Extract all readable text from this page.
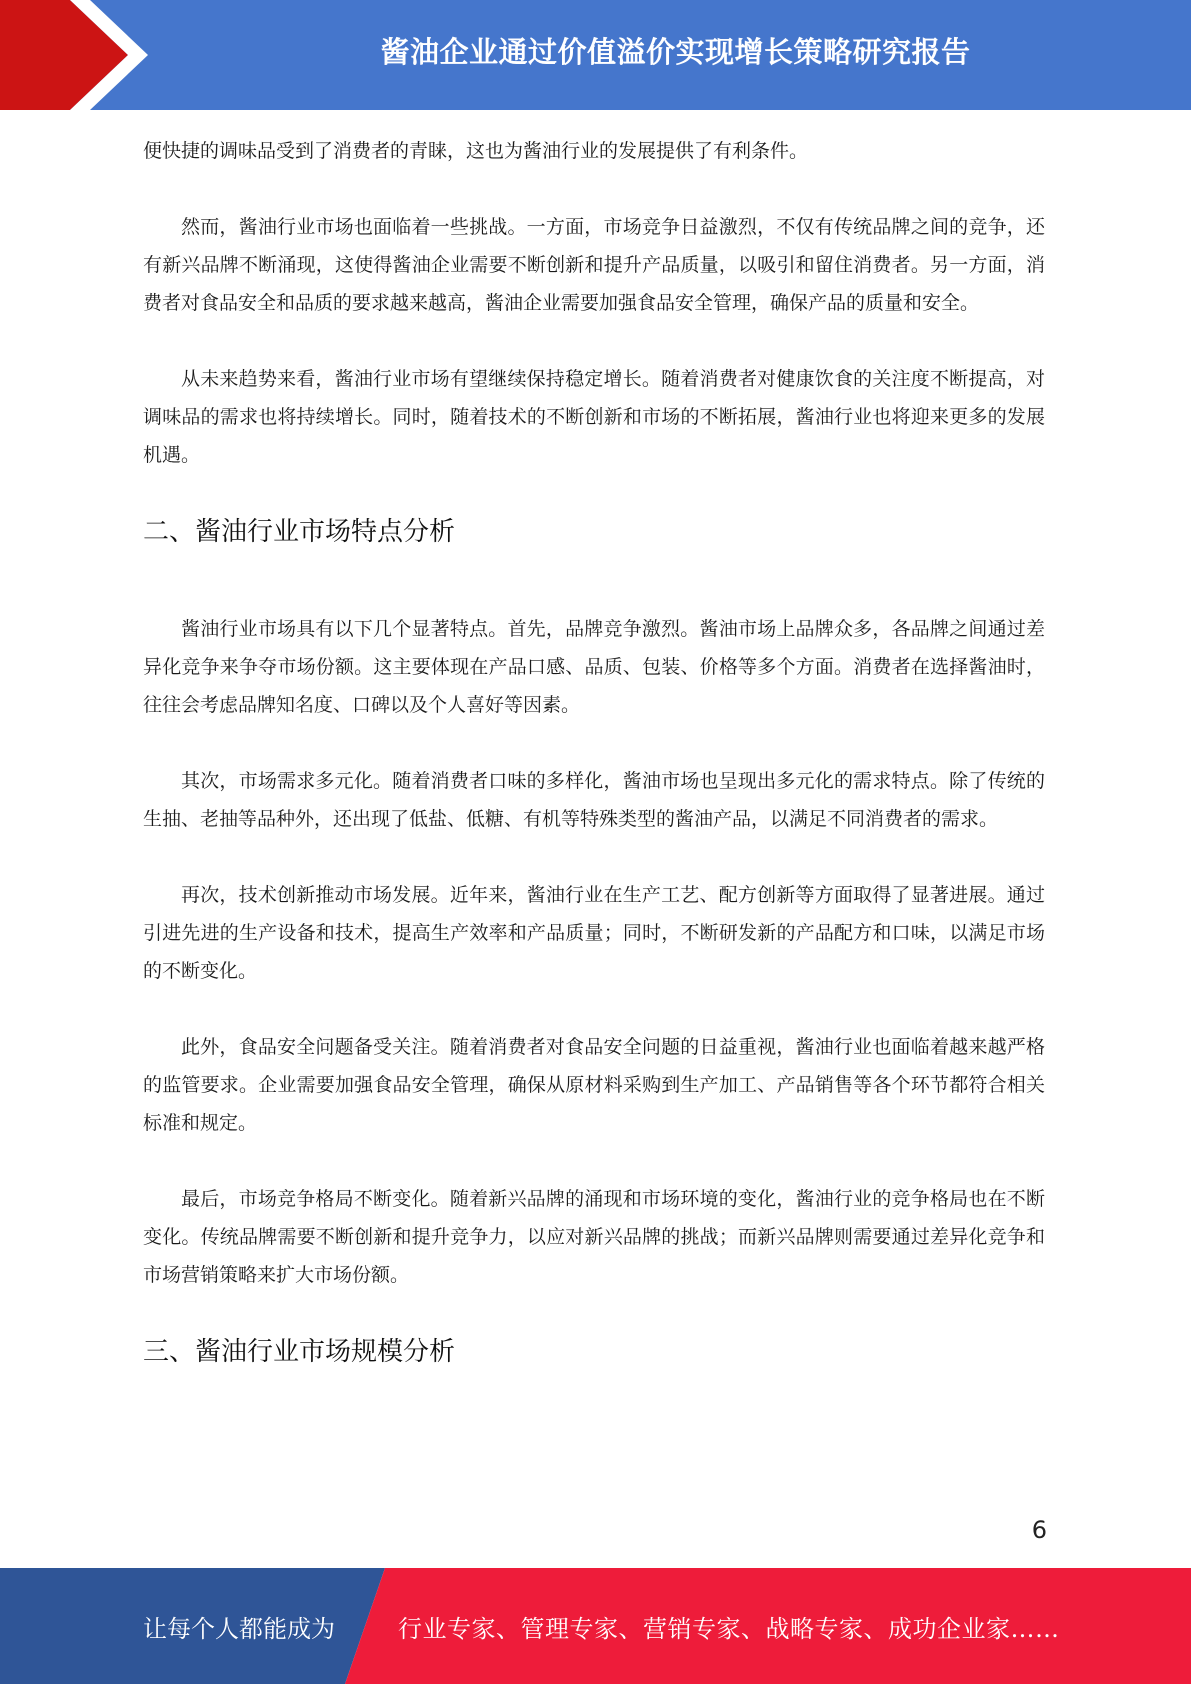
酱油企业通过价值溢价实现增长策略研究报告

便快捷的调味品受到了消费者的青睐，这也为酱油行业的发展提供了有利条件。

然而，酱油行业市场也面临着一些挑战。一方面，市场竞争日益激烈，不仅有传统品牌之间的竞争，还有新兴品牌不断涌现，这使得酱油企业需要不断创新和提升产品质量，以吸引和留住消费者。另一方面，消费者对食品安全和品质的要求越来越高，酱油企业需要加强食品安全管理，确保产品的质量和安全。

从未来趋势来看，酱油行业市场有望继续保持稳定增长。随着消费者对健康饮食的关注度不断提高，对调味品的需求也将持续增长。同时，随着技术的不断创新和市场的不断拓展，酱油行业也将迎来更多的发展机遇。

二、酱油行业市场特点分析

酱油行业市场具有以下几个显著特点。首先，品牌竞争激烈。酱油市场上品牌众多，各品牌之间通过差异化竞争来争夺市场份额。这主要体现在产品口感、品质、包装、价格等多个方面。消费者在选择酱油时，往往会考虑品牌知名度、口碑以及个人喜好等因素。

其次，市场需求多元化。随着消费者口味的多样化，酱油市场也呈现出多元化的需求特点。除了传统的生抽、老抽等品种外，还出现了低盐、低糖、有机等特殊类型的酱油产品，以满足不同消费者的需求。

再次，技术创新推动市场发展。近年来，酱油行业在生产工艺、配方创新等方面取得了显著进展。通过引进先进的生产设备和技术，提高生产效率和产品质量；同时，不断研发新的产品配方和口味，以满足市场的不断变化。

此外，食品安全问题备受关注。随着消费者对食品安全问题的日益重视，酱油行业也面临着越来越严格的监管要求。企业需要加强食品安全管理，确保从原材料采购到生产加工、产品销售等各个环节都符合相关标准和规定。

最后，市场竞争格局不断变化。随着新兴品牌的涌现和市场环境的变化，酱油行业的竞争格局也在不断变化。传统品牌需要不断创新和提升竞争力，以应对新兴品牌的挑战；而新兴品牌则需要通过差异化竞争和市场营销策略来扩大市场份额。

三、酱油行业市场规模分析
6
让每个人都能成为	行业专家、管理专家、营销专家、战略专家、成功企业家……
